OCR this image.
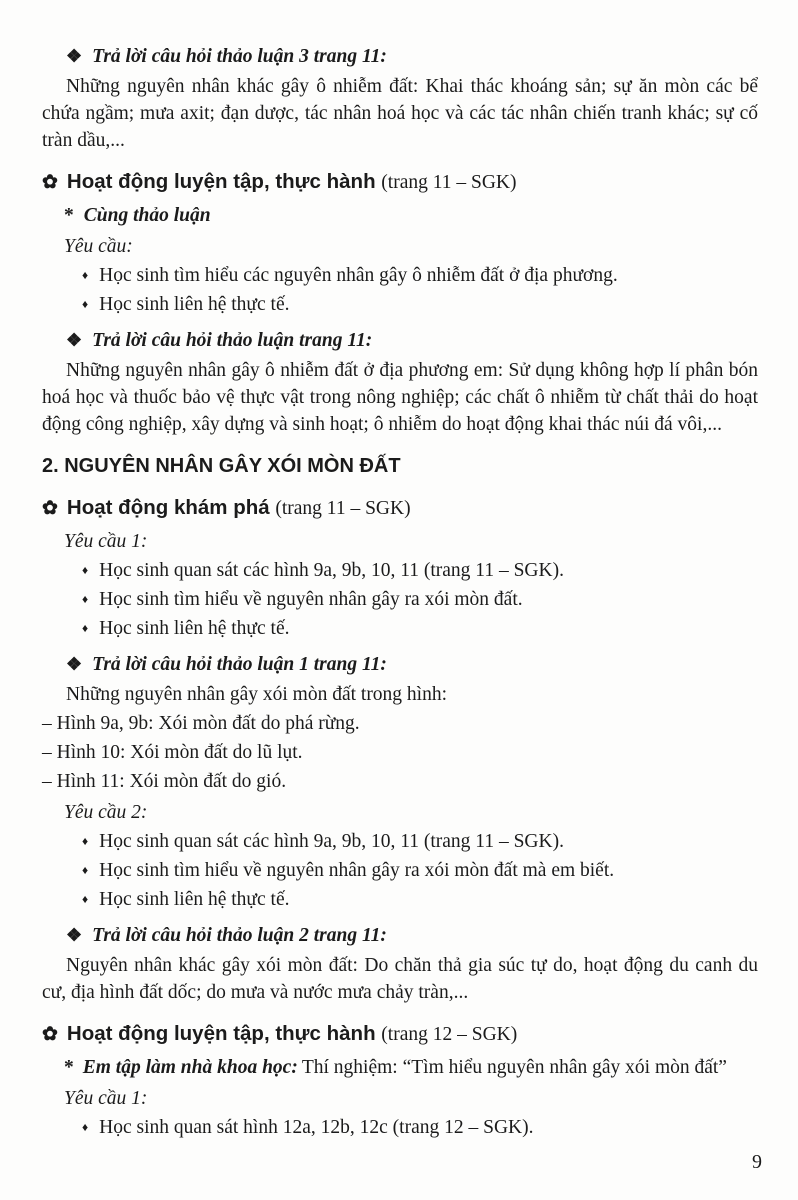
❖ Trả lời câu hỏi thảo luận 3 trang 11:

Những nguyên nhân khác gây ô nhiễm đất: Khai thác khoáng sản; sự ăn mòn các bể chứa ngầm; mưa axit; đạn dược, tác nhân hoá học và các tác nhân chiến tranh khác; sự cố tràn dầu,...

✿ Hoạt động luyện tập, thực hành (trang 11 – SGK)
* Cùng thảo luận
Yêu cầu:
♦ Học sinh tìm hiểu các nguyên nhân gây ô nhiễm đất ở địa phương.
♦ Học sinh liên hệ thực tế.
❖ Trả lời câu hỏi thảo luận trang 11:

Những nguyên nhân gây ô nhiễm đất ở địa phương em: Sử dụng không hợp lí phân bón hoá học và thuốc bảo vệ thực vật trong nông nghiệp; các chất ô nhiễm từ chất thải do hoạt động công nghiệp, xây dựng và sinh hoạt; ô nhiễm do hoạt động khai thác núi đá vôi,...

2. NGUYÊN NHÂN GÂY XÓI MÒN ĐẤT
✿ Hoạt động khám phá (trang 11 – SGK)
Yêu cầu 1:
♦ Học sinh quan sát các hình 9a, 9b, 10, 11 (trang 11 – SGK).
♦ Học sinh tìm hiểu về nguyên nhân gây ra xói mòn đất.
♦ Học sinh liên hệ thực tế.
❖ Trả lời câu hỏi thảo luận 1 trang 11:

Những nguyên nhân gây xói mòn đất trong hình:

– Hình 9a, 9b: Xói mòn đất do phá rừng.
– Hình 10: Xói mòn đất do lũ lụt.
– Hình 11: Xói mòn đất do gió.
Yêu cầu 2:
♦ Học sinh quan sát các hình 9a, 9b, 10, 11 (trang 11 – SGK).
♦ Học sinh tìm hiểu về nguyên nhân gây ra xói mòn đất mà em biết.
♦ Học sinh liên hệ thực tế.
❖ Trả lời câu hỏi thảo luận 2 trang 11:

Nguyên nhân khác gây xói mòn đất: Do chăn thả gia súc tự do, hoạt động du canh du cư, địa hình đất dốc; do mưa và nước mưa chảy tràn,...

✿ Hoạt động luyện tập, thực hành (trang 12 – SGK)

* Em tập làm nhà khoa học: Thí nghiệm: “Tìm hiểu nguyên nhân gây xói mòn đất”

Yêu cầu 1:
♦ Học sinh quan sát hình 12a, 12b, 12c (trang 12 – SGK).
9
